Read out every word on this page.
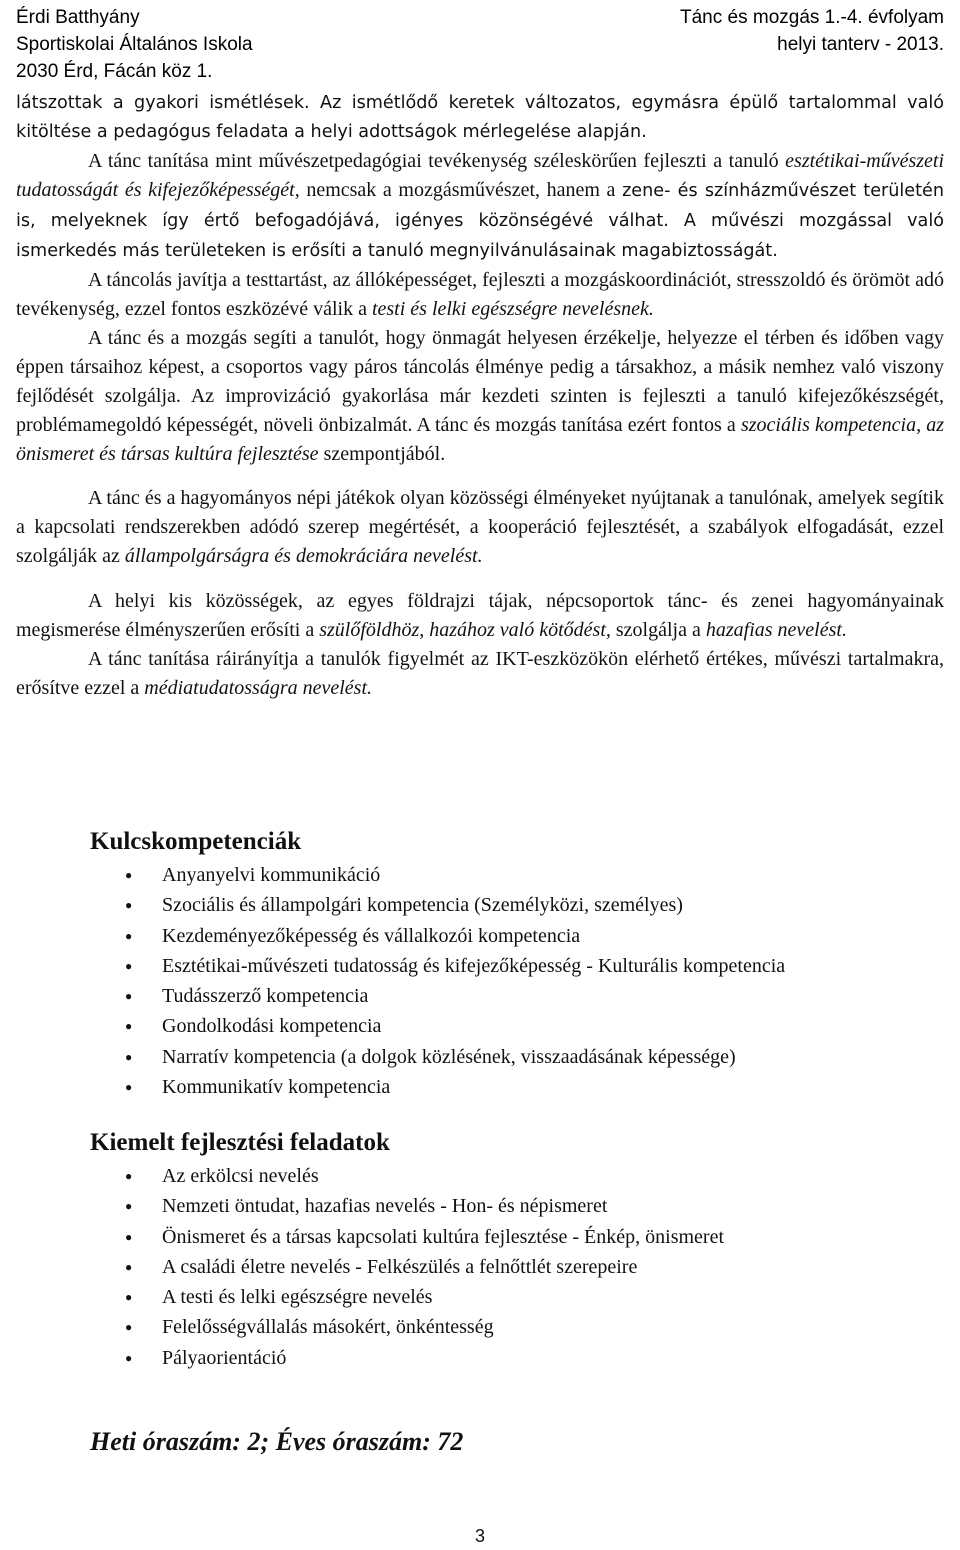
Érdi Batthyány
Sportiskolai Általános Iskola
2030 Érd, Fácán köz 1.
Tánc és mozgás 1.-4. évfolyam
helyi tanterv - 2013.

látszottak a gyakori ismétlések. Az ismétlődő keretek változatos, egymásra épülő tartalommal való kitöltése a pedagógus feladata a helyi adottságok mérlegelése alapján.

A tánc tanítása mint művészetpedagógiai tevékenység széleskörűen fejleszti a tanuló esztétikai-művészeti tudatosságát és kifejezőképességét, nemcsak a mozgásművészet, hanem a zene- és színházművészet területén is, melyeknek így értő befogadójává, igényes közönségévé válhat. A művészi mozgással való ismerkedés más területeken is erősíti a tanuló megnyilvánulásainak magabiztosságát.

A táncolás javítja a testtartást, az állóképességet, fejleszti a mozgáskoordinációt, stresszoldó és örömöt adó tevékenység, ezzel fontos eszközévé válik a testi és lelki egészségre nevelésnek.

A tánc és a mozgás segíti a tanulót, hogy önmagát helyesen érzékelje, helyezze el térben és időben vagy éppen társaihoz képest, a csoportos vagy páros táncolás élménye pedig a társakhoz, a másik nemhez való viszony fejlődését szolgálja. Az improvizáció gyakorlása már kezdeti szinten is fejleszti a tanuló kifejezőkészségét, problémamegoldó képességét, növeli önbizalmát. A tánc és mozgás tanítása ezért fontos a szociális kompetencia, az önismeret és társas kultúra fejlesztése szempontjából.

A tánc és a hagyományos népi játékok olyan közösségi élményeket nyújtanak a tanulónak, amelyek segítik a kapcsolati rendszerekben adódó szerep megértését, a kooperáció fejlesztését, a szabályok elfogadását, ezzel szolgálják az állampolgárságra és demokráciára nevelést.

A helyi kis közösségek, az egyes földrajzi tájak, népcsoportok tánc- és zenei hagyományainak megismerése élményszerűen erősíti a szülőföldhöz, hazához való kötődést, szolgálja a hazafias nevelést.

A tánc tanítása ráirányítja a tanulók figyelmét az IKT-eszközökön elérhető értékes, művészi tartalmakra, erősítve ezzel a médiatudatosságra nevelést.

Kulcskompetenciák
● Anyanyelvi kommunikáció
● Szociális és állampolgári kompetencia (Személyközi, személyes)
● Kezdeményezőképesség és vállalkozói kompetencia
● Esztétikai-művészeti tudatosság és kifejezőképesség - Kulturális kompetencia
● Tudásszerző kompetencia
● Gondolkodási kompetencia
● Narratív kompetencia (a dolgok közlésének, visszaadásának képessége)
● Kommunikatív kompetencia
Kiemelt fejlesztési feladatok
● Az erkölcsi nevelés
● Nemzeti öntudat, hazafias nevelés - Hon- és népismeret
● Önismeret és a társas kapcsolati kultúra fejlesztése - Énkép, önismeret
● A családi életre nevelés - Felkészülés a felnőttlét szerepeire
● A testi és lelki egészségre nevelés
● Felelősségvállalás másokért, önkéntesség
● Pályaorientáció
Heti óraszám: 2; Éves óraszám: 72
3
